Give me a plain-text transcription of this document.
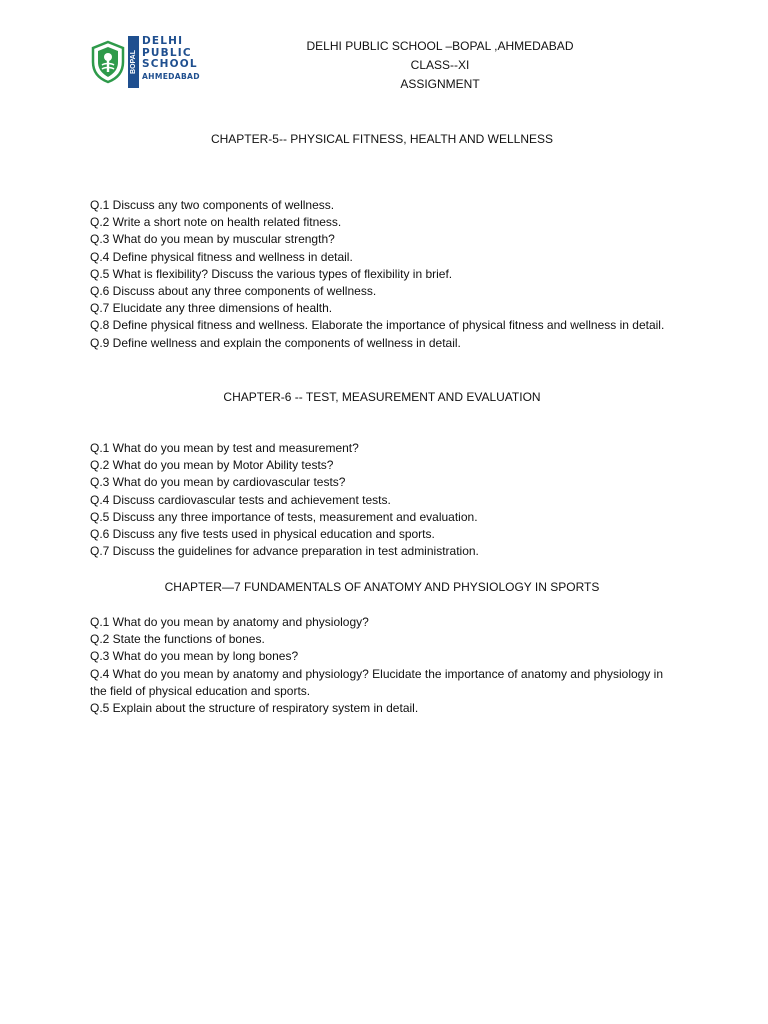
BOPAL
DELHI
PUBLIC
SCHOOL
AHMEDABAD
DELHI PUBLIC SCHOOL –BOPAL ,AHMEDABAD
CLASS--XI
ASSIGNMENT
CHAPTER-5-- PHYSICAL FITNESS, HEALTH AND WELLNESS
Q.1 Discuss any two components of wellness.
Q.2 Write a short note on health related fitness.
Q.3 What do you mean by muscular strength?
Q.4 Define physical fitness and wellness in detail.
Q.5 What is flexibility? Discuss the various types of flexibility in brief.
Q.6 Discuss about any three components of wellness.
Q.7 Elucidate any three dimensions of health.
Q.8 Define physical fitness and wellness. Elaborate the importance of physical fitness and wellness in detail.
Q.9 Define wellness and explain the components of wellness in detail.
CHAPTER-6 -- TEST, MEASUREMENT AND EVALUATION
Q.1 What do you mean by test and measurement?
Q.2 What do you mean by Motor Ability tests?
Q.3 What do you mean by cardiovascular tests?
Q.4 Discuss cardiovascular tests and achievement tests.
Q.5 Discuss any three importance of tests, measurement and evaluation.
Q.6 Discuss any five tests used in physical education and sports.
Q.7 Discuss the guidelines for advance preparation in test administration.
CHAPTER—7 FUNDAMENTALS OF ANATOMY AND PHYSIOLOGY IN SPORTS
Q.1 What do you mean by anatomy and physiology?
Q.2 State the functions of bones.
Q.3 What do you mean by long bones?
Q.4 What do you mean by anatomy and physiology? Elucidate the importance of anatomy and physiology in the field of physical education and sports.
Q.5 Explain about the structure of respiratory system in detail.
